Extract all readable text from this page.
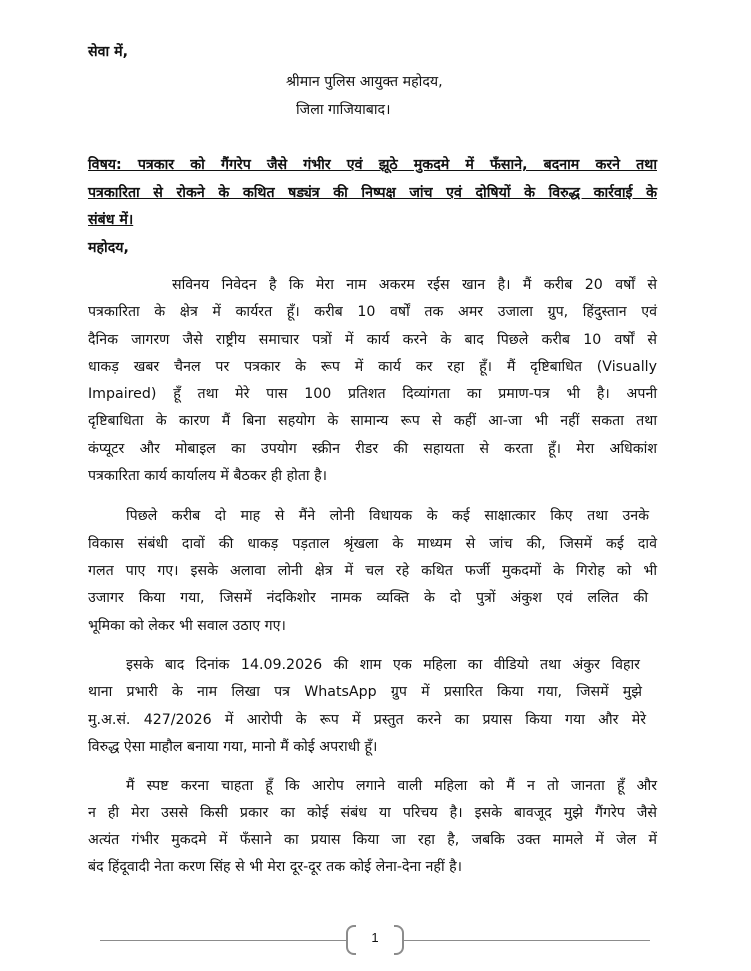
सेवा में,
श्रीमान पुलिस आयुक्त महोदय,
जिला गाजियाबाद।
विषय: पत्रकार को गैंगरेप जैसे गंभीर एवं झूठे मुकदमे में फँसाने, बदनाम करने तथा
पत्रकारिता से रोकने के कथित षड्यंत्र की निष्पक्ष जांच एवं दोषियों के विरुद्ध कार्रवाई के
संबंध में।
महोदय,
सविनय निवेदन है कि मेरा नाम अकरम रईस खान है। मैं करीब 20 वर्षों से
पत्रकारिता के क्षेत्र में कार्यरत हूँ। करीब 10 वर्षों तक अमर उजाला ग्रुप, हिंदुस्तान एवं
दैनिक जागरण जैसे राष्ट्रीय समाचार पत्रों में कार्य करने के बाद पिछले करीब 10 वर्षों से
धाकड़ खबर चैनल पर पत्रकार के रूप में कार्य कर रहा हूँ। मैं दृष्टिबाधित (Visually
Impaired) हूँ तथा मेरे पास 100 प्रतिशत दिव्यांगता का प्रमाण-पत्र भी है। अपनी
दृष्टिबाधिता के कारण मैं बिना सहयोग के सामान्य रूप से कहीं आ-जा भी नहीं सकता तथा
कंप्यूटर और मोबाइल का उपयोग स्क्रीन रीडर की सहायता से करता हूँ। मेरा अधिकांश
पत्रकारिता कार्य कार्यालय में बैठकर ही होता है।
पिछले करीब दो माह से मैंने लोनी विधायक के कई साक्षात्कार किए तथा उनके
विकास संबंधी दावों की धाकड़ पड़ताल श्रृंखला के माध्यम से जांच की, जिसमें कई दावे
गलत पाए गए। इसके अलावा लोनी क्षेत्र में चल रहे कथित फर्जी मुकदमों के गिरोह को भी
उजागर किया गया, जिसमें नंदकिशोर नामक व्यक्ति के दो पुत्रों अंकुश एवं ललित की
भूमिका को लेकर भी सवाल उठाए गए।
इसके बाद दिनांक 14.09.2026 की शाम एक महिला का वीडियो तथा अंकुर विहार
थाना प्रभारी के नाम लिखा पत्र WhatsApp ग्रुप में प्रसारित किया गया, जिसमें मुझे
मु.अ.सं. 427/2026 में आरोपी के रूप में प्रस्तुत करने का प्रयास किया गया और मेरे
विरुद्ध ऐसा माहौल बनाया गया, मानो मैं कोई अपराधी हूँ।
मैं स्पष्ट करना चाहता हूँ कि आरोप लगाने वाली महिला को मैं न तो जानता हूँ और
न ही मेरा उससे किसी प्रकार का कोई संबंध या परिचय है। इसके बावजूद मुझे गैंगरेप जैसे
अत्यंत गंभीर मुकदमे में फँसाने का प्रयास किया जा रहा है, जबकि उक्त मामले में जेल में
बंद हिंदूवादी नेता करण सिंह से भी मेरा दूर-दूर तक कोई लेना-देना नहीं है।
1
